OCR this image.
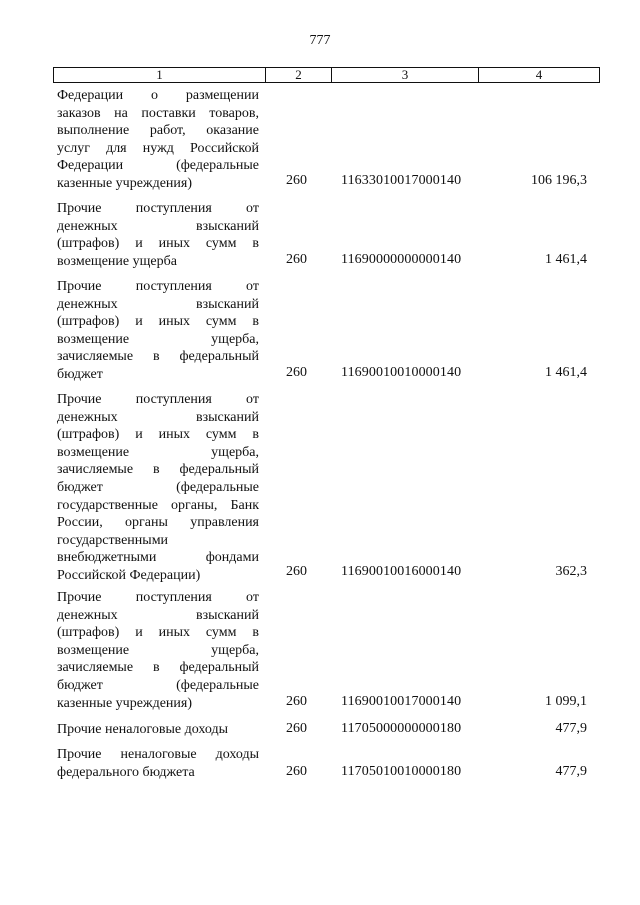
777
1	2	3	4
Федерации о размещении
заказов на поставки товаров,
выполнение работ, оказание
услуг для нужд Российской
Федерации (федеральные
казенные учреждения)	260 11633010017000140	106 196,3
Прочие поступления от
денежных взысканий
(штрафов) и иных сумм в
возмещение ущерба	260 11690000000000140	1 461,4
Прочие поступления от
денежных взысканий
(штрафов) и иных сумм в
возмещение ущерба,
зачисляемые в федеральный
бюджет	260 11690010010000140	1 461,4
Прочие поступления от
денежных взысканий
(штрафов) и иных сумм в
возмещение ущерба,
зачисляемые в федеральный
бюджет (федеральные
государственные органы, Банк
России, органы управления
государственными
внебюджетными фондами
Российской Федерации)	260 11690010016000140	362,3
Прочие поступления от
денежных взысканий
(штрафов) и иных сумм в
возмещение ущерба,
зачисляемые в федеральный
бюджет (федеральные
казенные учреждения)	260 11690010017000140	1 099,1
Прочие неналоговые доходы	260 11705000000000180	477,9
Прочие неналоговые доходы
федерального бюджета	260 11705010010000180	477,9
